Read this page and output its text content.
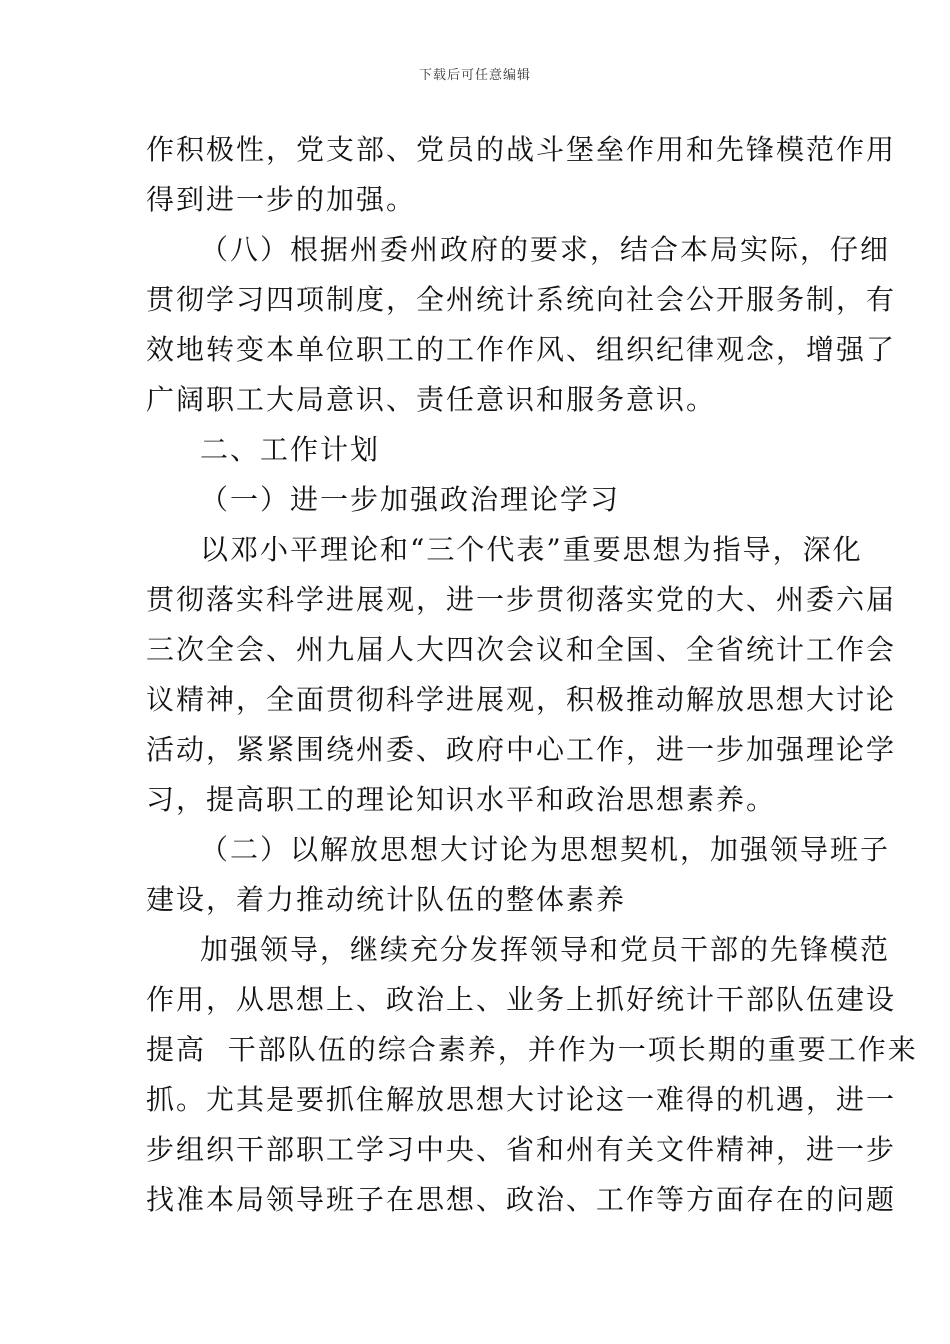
下载后可任意编辑
作积极性，党支部、党员的战斗堡垒作用和先锋模范作用
得到进一步的加强。
（八）根据州委州政府的要求，结合本局实际，仔细
贯彻学习四项制度，全州统计系统向社会公开服务制，有
效地转变本单位职工的工作作风、组织纪律观念，增强了
广阔职工大局意识、责任意识和服务意识。
二、工作计划
（一）进一步加强政治理论学习
以邓小平理论和“三个代表”重要思想为指导，深化
贯彻落实科学进展观，进一步贯彻落实党的大、州委六届
三次全会、州九届人大四次会议和全国、全省统计工作会
议精神，全面贯彻科学进展观，积极推动解放思想大讨论
活动，紧紧围绕州委、政府中心工作，进一步加强理论学
习，提高职工的理论知识水平和政治思想素养。
（二）以解放思想大讨论为思想契机，加强领导班子
建设，着力推动统计队伍的整体素养
加强领导，继续充分发挥领导和党员干部的先锋模范
作用，从思想上、政治上、业务上抓好统计干部队伍建设
提高  干部队伍的综合素养，并作为一项长期的重要工作来
抓。尤其是要抓住解放思想大讨论这一难得的机遇，进一
步组织干部职工学习中央、省和州有关文件精神，进一步
找准本局领导班子在思想、政治、工作等方面存在的问题
